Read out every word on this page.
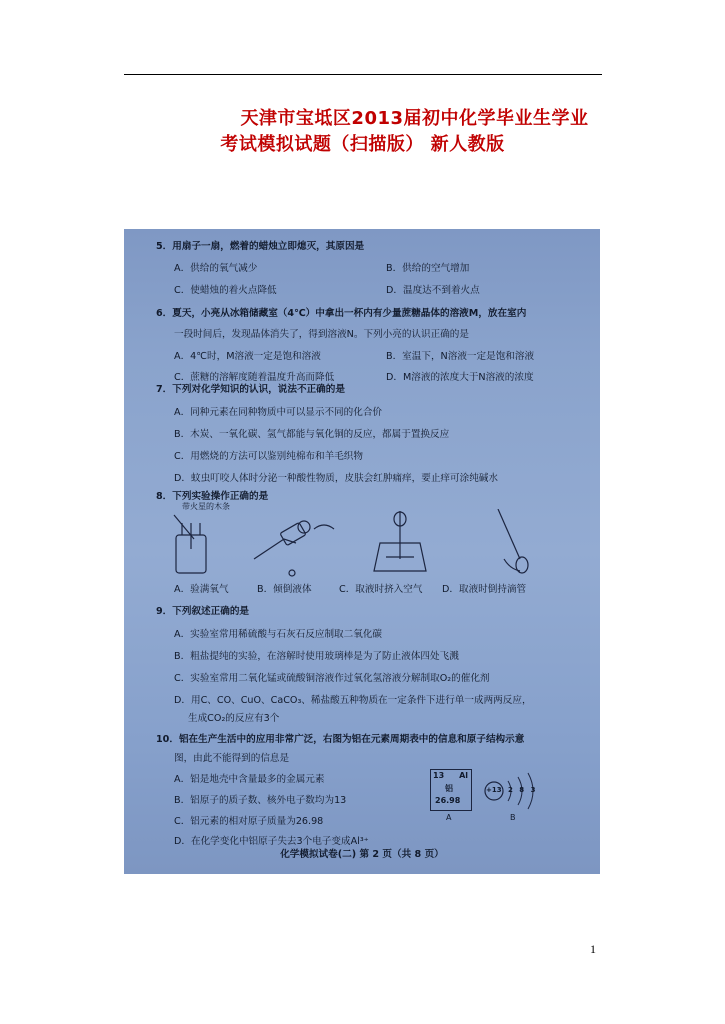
天津市宝坻区2013届初中化学毕业生学业
考试模拟试题（扫描版） 新人教版
5．用扇子一扇，燃着的蜡烛立即熄灭，其原因是
A．供给的氧气减少	B．供给的空气增加
C．使蜡烛的着火点降低	D．温度达不到着火点
6．夏天，小亮从冰箱储藏室（4℃）中拿出一杯内有少量蔗糖晶体的溶液M，放在室内
一段时间后，发现晶体消失了，得到溶液N。下列小亮的认识正确的是
A．4℃时，M溶液一定是饱和溶液	B．室温下，N溶液一定是饱和溶液
C．蔗糖的溶解度随着温度升高而降低	D．M溶液的浓度大于N溶液的浓度
7．下列对化学知识的认识，说法不正确的是
A．同种元素在同种物质中可以显示不同的化合价
B．木炭、一氧化碳、氢气都能与氧化铜的反应，都属于置换反应
C．用燃烧的方法可以鉴别纯棉布和羊毛织物
D．蚊虫叮咬人体时分泌一种酸性物质，皮肤会红肿痛痒，要止痒可涂纯碱水
8．下列实验操作正确的是
带火星的木条
A．验满氧气	B．倾倒液体	C．取液时挤入空气 D．取液时倒持滴管
9．下列叙述正确的是
A．实验室常用稀硫酸与石灰石反应制取二氧化碳
B．粗盐提纯的实验，在溶解时使用玻璃棒是为了防止液体四处飞溅
C．实验室常用二氧化锰或硫酸铜溶液作过氧化氢溶液分解制取O₂的催化剂
D．用C、CO、CuO、CaCO₃、稀盐酸五种物质在一定条件下进行单一成两两反应，
生成CO₂的反应有3个
10．铝在生产生活中的应用非常广泛，右图为铝在元素周期表中的信息和原子结构示意
图，由此不能得到的信息是
A．铝是地壳中含量最多的金属元素
B．铝原子的质子数、核外电子数均为13
C．铝元素的相对原子质量为26.98
D．在化学变化中铝原子失去3个电子变成Al³⁺
13 Al
铝
26.98
A
+13 2 8 3
B
化学模拟试卷(二) 第 2 页（共 8 页）
1
